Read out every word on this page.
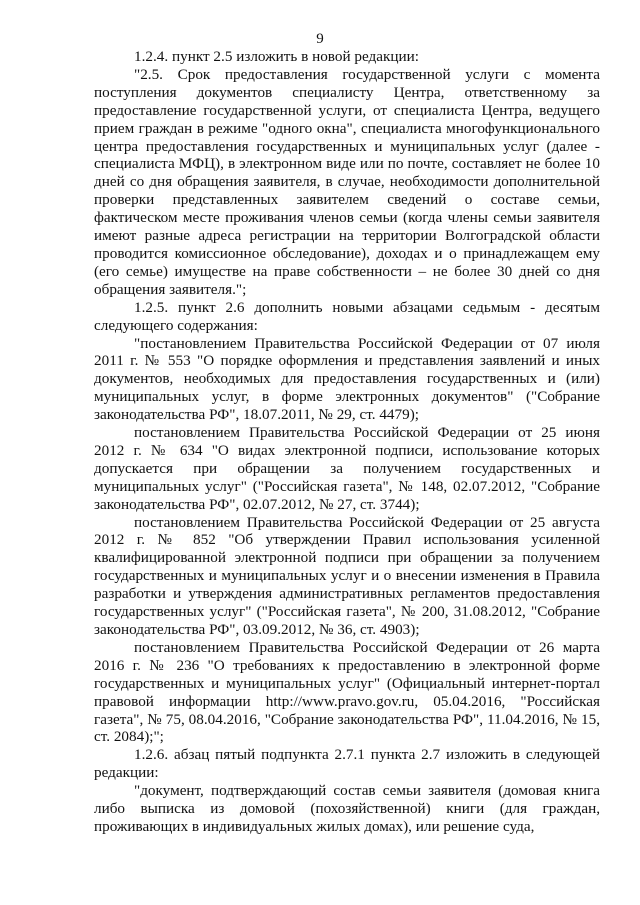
9

1.2.4. пункт 2.5 изложить в новой редакции:

"2.5. Срок предоставления государственной услуги с момента поступления документов специалисту Центра, ответственному за предоставление государственной услуги, от специалиста Центра, ведущего прием граждан в режиме "одного окна", специалиста многофункционального центра предоставления государственных и муниципальных услуг (далее - специалиста МФЦ), в электронном виде или по почте, составляет не более 10 дней со дня обращения заявителя, в случае, необходимости дополнительной проверки представленных заявителем сведений о составе семьи, фактическом месте проживания членов семьи (когда члены семьи заявителя имеют разные адреса регистрации на территории Волгоградской области проводится комиссионное обследование), доходах и о принадлежащем ему (его семье) имуществе на праве собственности – не более 30 дней со дня обращения заявителя.";

1.2.5. пункт 2.6 дополнить новыми абзацами седьмым - десятым следующего содержания:

"постановлением Правительства Российской Федерации от 07 июля 2011 г. № 553 "О порядке оформления и представления заявлений и иных документов, необходимых для предоставления государственных и (или) муниципальных услуг, в форме электронных документов" ("Собрание законодательства РФ", 18.07.2011, № 29, ст. 4479);

постановлением Правительства Российской Федерации от 25 июня 2012 г. № 634 "О видах электронной подписи, использование которых допускается при обращении за получением государственных и муниципальных услуг" ("Российская газета", № 148, 02.07.2012, "Собрание законодательства РФ", 02.07.2012, № 27, ст. 3744);

постановлением Правительства Российской Федерации от 25 августа 2012 г. № 852 "Об утверждении Правил использования усиленной квалифицированной электронной подписи при обращении за получением государственных и муниципальных услуг и о внесении изменения в Правила разработки и утверждения административных регламентов предоставления государственных услуг" ("Российская газета", № 200, 31.08.2012, "Собрание законодательства РФ", 03.09.2012, № 36, ст. 4903);

постановлением Правительства Российской Федерации от 26 марта 2016 г. № 236 "О требованиях к предоставлению в электронной форме государственных и муниципальных услуг" (Официальный интернет-портал правовой информации http://www.pravo.gov.ru, 05.04.2016, "Российская газета", № 75, 08.04.2016, "Собрание законодательства РФ", 11.04.2016, № 15, ст. 2084);";

1.2.6. абзац пятый подпункта 2.7.1 пункта 2.7 изложить в следующей редакции:

"документ, подтверждающий состав семьи заявителя (домовая книга либо выписка из домовой (похозяйственной) книги (для граждан, проживающих в индивидуальных жилых домах), или решение суда,
